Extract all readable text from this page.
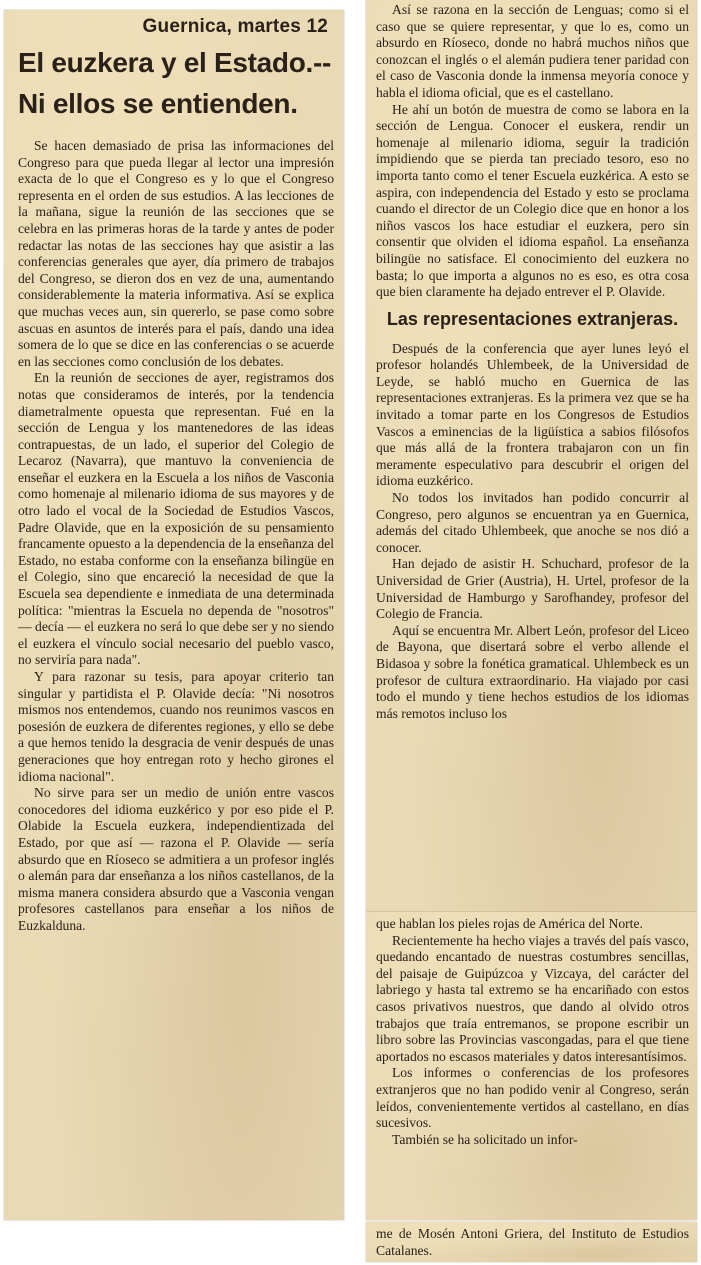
Guernica, martes 12
El euzkera y el Estado.--Ni ellos se entienden.

Se hacen demasiado de prisa las informaciones del Congreso para que pueda llegar al lector una impresión exacta de lo que el Congreso es y lo que el Congreso representa en el orden de sus estudios. A las lecciones de la mañana, sigue la reunión de las secciones que se celebra en las primeras horas de la tarde y antes de poder redactar las notas de las secciones hay que asistir a las conferencias generales que ayer, día primero de trabajos del Congreso, se dieron dos en vez de una, aumentando considerablemente la materia informativa. Así se explica que muchas veces aun, sin quererlo, se pase como sobre ascuas en asuntos de interés para el país, dando una idea somera de lo que se dice en las conferencias o se acuerde en las secciones como conclusión de los debates.

En la reunión de secciones de ayer, registramos dos notas que consideramos de interés, por la tendencia diametralmente opuesta que representan. Fué en la sección de Lengua y los mantenedores de las ideas contrapuestas, de un lado, el superior del Colegio de Lecaroz (Navarra), que mantuvo la conveniencia de enseñar el euzkera en la Escuela a los niños de Vasconia como homenaje al milenario idioma de sus mayores y de otro lado el vocal de la Sociedad de Estudios Vascos, Padre Olavide, que en la exposición de su pensamiento francamente opuesto a la dependencia de la enseñanza del Estado, no estaba conforme con la enseñanza bilingüe en el Colegio, sino que encareció la necesidad de que la Escuela sea dependiente e inmediata de una determinada política: "mientras la Escuela no dependa de "nosotros" — decía — el euzkera no será lo que debe ser y no siendo el euzkera el vínculo social necesario del pueblo vasco, no serviría para nada".

Y para razonar su tesis, para apoyar criterio tan singular y partidista el P. Olavide decía: "Ni nosotros mismos nos entendemos, cuando nos reunimos vascos en posesión de euzkera de diferentes regiones, y ello se debe a que hemos tenido la desgracia de venir después de unas generaciones que hoy entregan roto y hecho girones el idioma nacional".

No sirve para ser un medio de unión entre vascos conocedores del idioma euzkérico y por eso pide el P. Olabide la Escuela euzkera, independientizada del Estado, por que así — razona el P. Olavide — sería absurdo que en Ríoseco se admitiera a un profesor inglés o alemán para dar enseñanza a los niños castellanos, de la misma manera considera absurdo que a Vasconia vengan profesores castellanos para enseñar a los niños de Euzkalduna.

Así se razona en la sección de Lenguas; como si el caso que se quiere representar, y que lo es, como un absurdo en Ríoseco, donde no habrá muchos niños que conozcan el inglés o el alemán pudiera tener paridad con el caso de Vasconia donde la inmensa meyoría conoce y habla el idioma oficial, que es el castellano.

He ahí un botón de muestra de como se labora en la sección de Lengua. Conocer el euskera, rendir un homenaje al milenario idioma, seguir la tradición impidiendo que se pierda tan preciado tesoro, eso no importa tanto como el tener Escuela euzkérica. A esto se aspira, con independencia del Estado y esto se proclama cuando el director de un Colegio dice que en honor a los niños vascos los hace estudiar el euzkera, pero sin consentir que olviden el idioma español. La enseñanza bilingüe no satisface. El conocimiento del euzkera no basta; lo que importa a algunos no es eso, es otra cosa que bien claramente ha dejado entrever el P. Olavide.

Las representaciones extranjeras.

Después de la conferencia que ayer lunes leyó el profesor holandés Uhlembeek, de la Universidad de Leyde, se habló mucho en Guernica de las representaciones extranjeras. Es la primera vez que se ha invitado a tomar parte en los Congresos de Estudios Vascos a eminencias de la ligüística a sabios filósofos que más allá de la frontera trabajaron con un fin meramente especulativo para descubrir el origen del idioma euzkérico.

No todos los invitados han podido concurrir al Congreso, pero algunos se encuentran ya en Guernica, además del citado Uhlembeek, que anoche se nos dió a conocer.

Han dejado de asistir H. Schuchard, profesor de la Universidad de Grier (Austria), H. Urtel, profesor de la Universidad de Hamburgo y Sarofhandey, profesor del Colegio de Francia.

Aquí se encuentra Mr. Albert León, profesor del Liceo de Bayona, que disertará sobre el verbo allende el Bidasoa y sobre la fonética gramatical. Uhlembeck es un profesor de cultura extraordinario. Ha viajado por casi todo el mundo y tiene hechos estudios de los idiomas más remotos incluso los

que hablan los pieles rojas de América del Norte.

Recientemente ha hecho viajes a través del país vasco, quedando encantado de nuestras costumbres sencillas, del paisaje de Guipúzcoa y Vizcaya, del carácter del labriego y hasta tal extremo se ha encariñado con estos casos privativos nuestros, que dando al olvido otros trabajos que traía entremanos, se propone escribir un libro sobre las Provincias vascongadas, para el que tiene aportados no escasos materiales y datos interesantísimos.

Los informes o conferencias de los profesores extranjeros que no han podido venir al Congreso, serán leídos, convenientemente vertidos al castellano, en días sucesivos.

También se ha solicitado un infor-

me de Mosén Antoni Griera, del Instituto de Estudios Catalanes.
